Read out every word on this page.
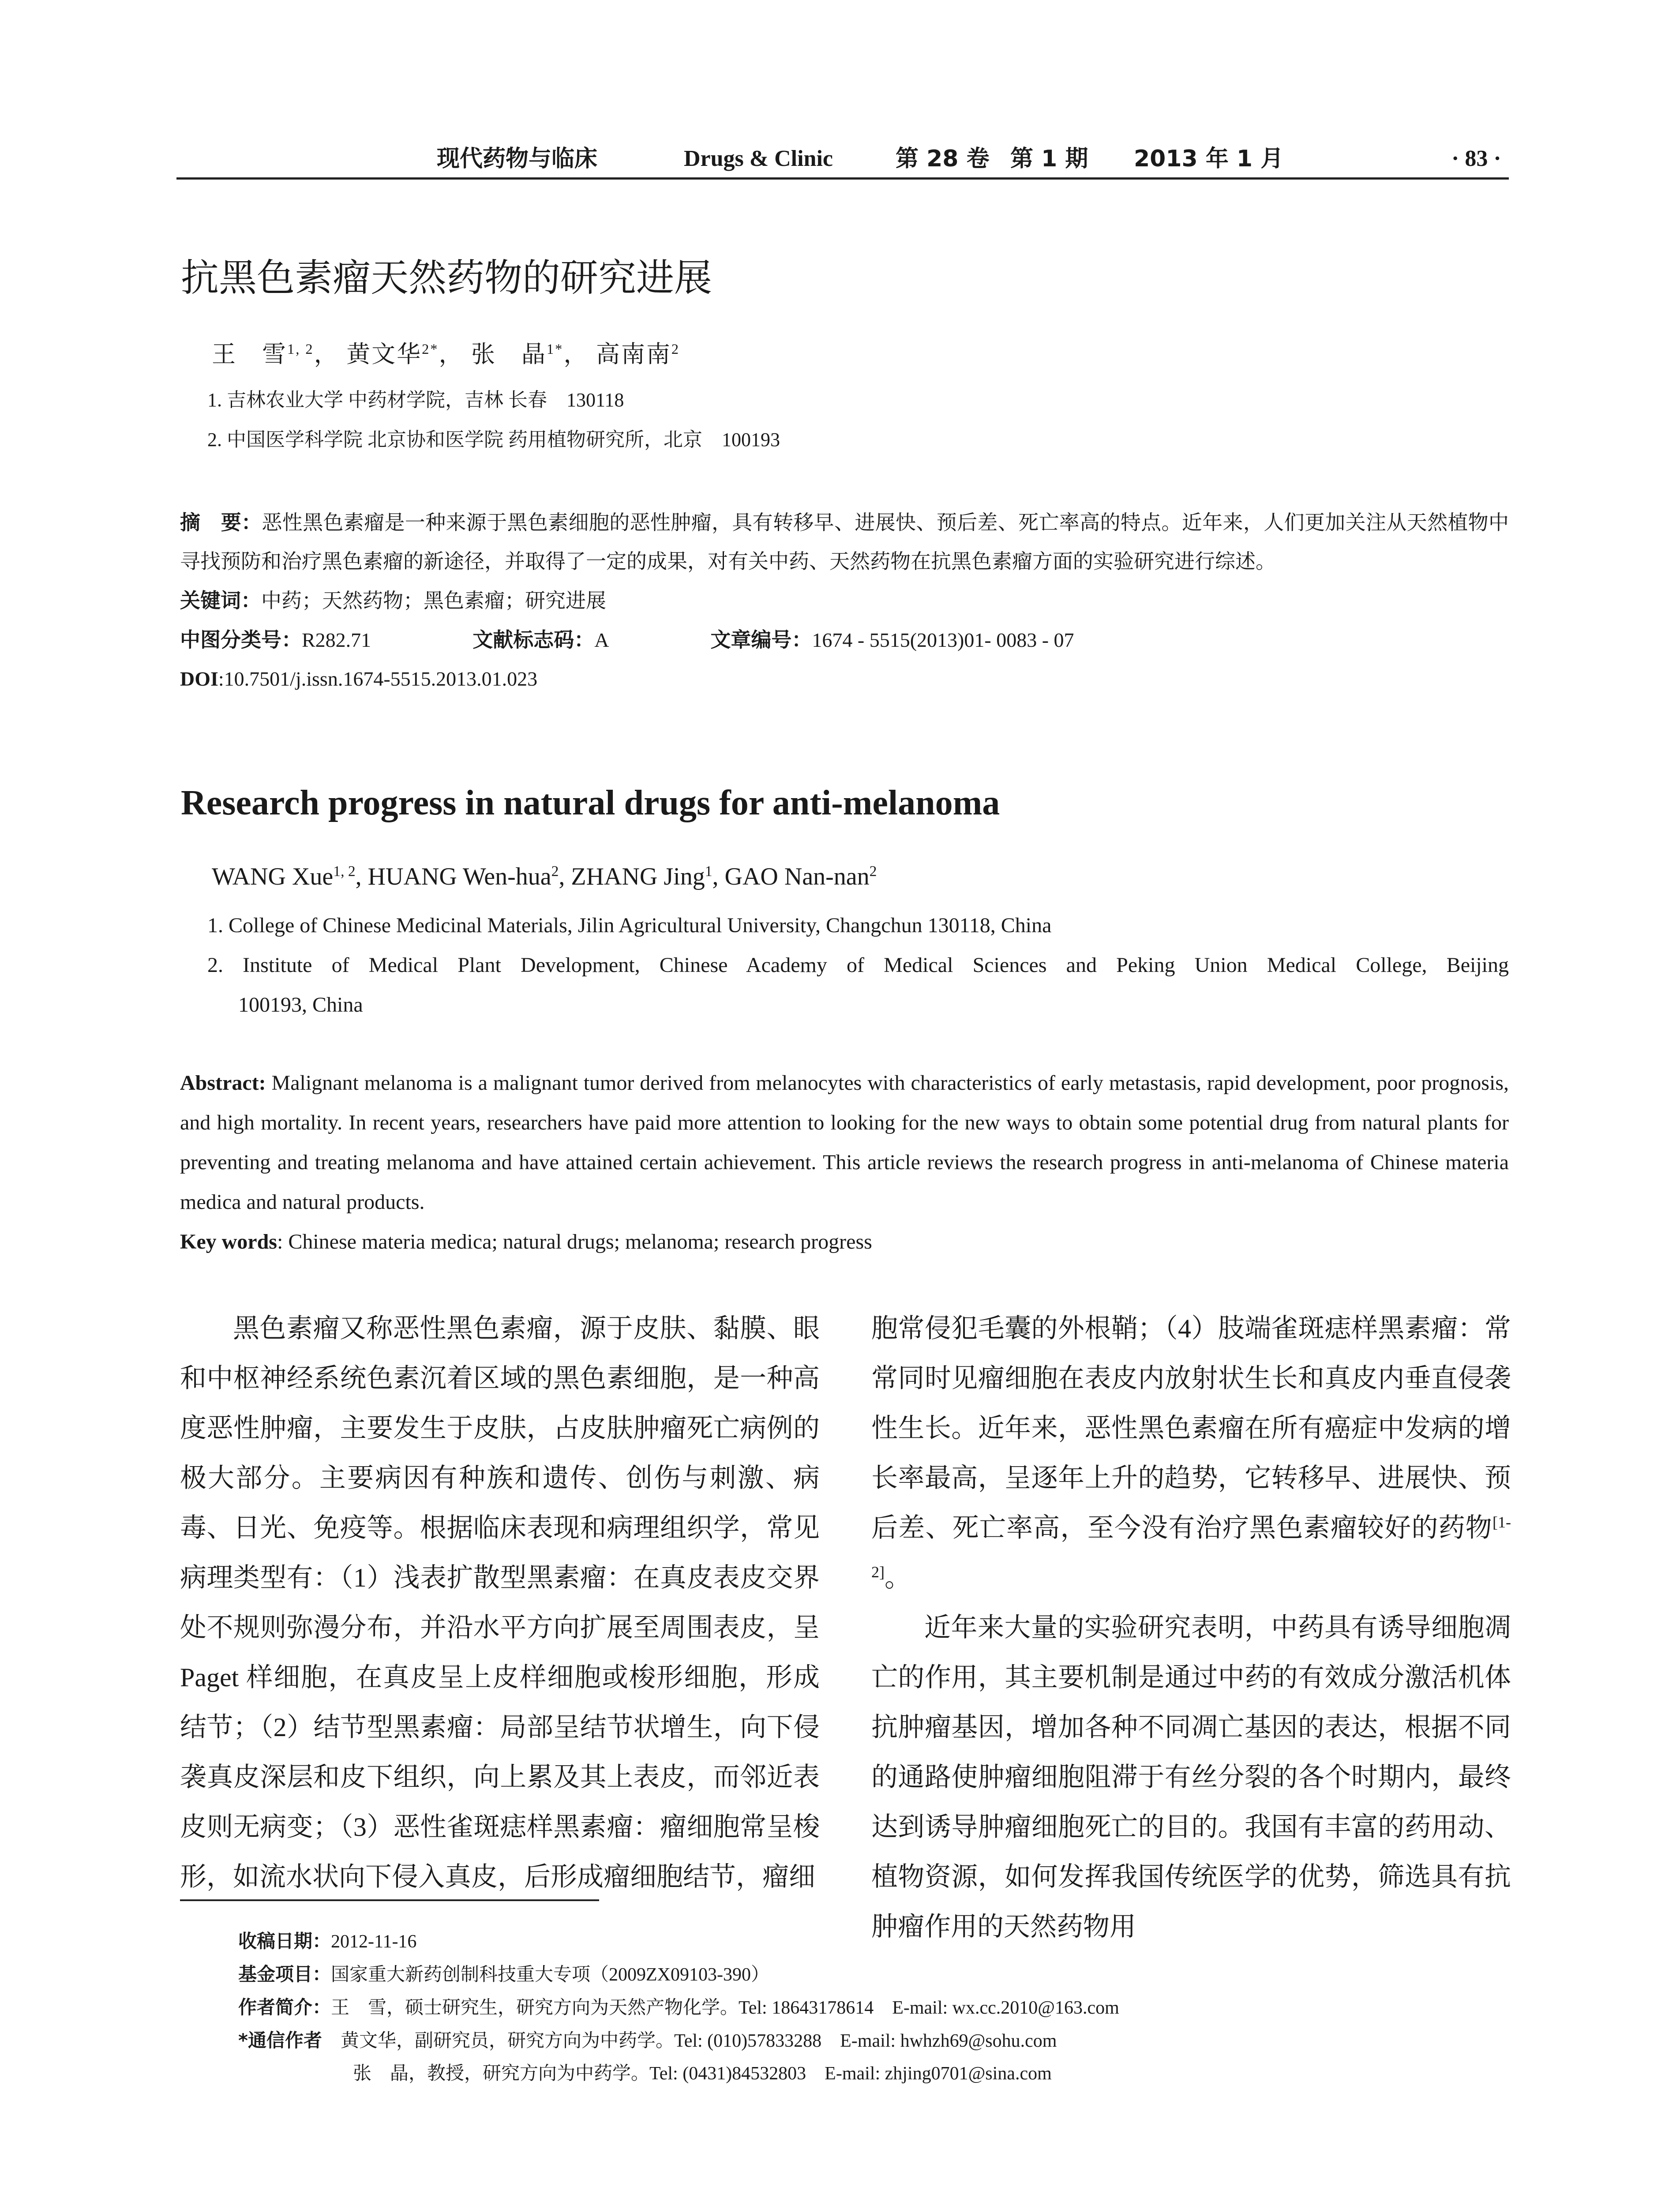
现代药物与临床	Drugs & Clinic	第 28 卷 第 1 期 2013 年 1 月	· 83 ·
抗黑色素瘤天然药物的研究进展
王　雪$^{1, 2}$， 黄文华$^{2*}$， 张　晶$^{1*}$， 高南南$^2$
1. 吉林农业大学 中药材学院，吉林 长春　130118
2. 中国医学科学院 北京协和医学院 药用植物研究所，北京　100193
摘　要：恶性黑色素瘤是一种来源于黑色素细胞的恶性肿瘤，具有转移早、进展快、预后差、死亡率高的特点。近年来，人们更加关注从天然植物中寻找预防和治疗黑色素瘤的新途径，并取得了一定的成果，对有关中药、天然药物在抗黑色素瘤方面的实验研究进行综述。
关键词：中药；天然药物；黑色素瘤；研究进展
中图分类号：R282.71	文献标志码：A	文章编号：1674 - 5515(2013)01- 0083 - 07
DOI:10.7501/j.issn.1674-5515.2013.01.023
Research progress in natural drugs for anti-melanoma
WANG Xue$^{1, 2}$, HUANG Wen-hua$^2$, ZHANG Jing$^1$, GAO Nan-nan$^2$
1. College of Chinese Medicinal Materials, Jilin Agricultural University, Changchun 130118, China
2. Institute of Medical Plant Development, Chinese Academy of Medical Sciences and Peking Union Medical College, Beijing
100193, China
Abstract: Malignant melanoma is a malignant tumor derived from melanocytes with characteristics of early metastasis, rapid development, poor prognosis, and high mortality. In recent years, researchers have paid more attention to looking for the new ways to obtain some potential drug from natural plants for preventing and treating melanoma and have attained certain achievement. This article reviews the research progress in anti-melanoma of Chinese materia medica and natural products.
Key words: Chinese materia medica; natural drugs; melanoma; research progress

黑色素瘤又称恶性黑色素瘤，源于皮肤、黏膜、眼和中枢神经系统色素沉着区域的黑色素细胞，是一种高度恶性肿瘤，主要发生于皮肤，占皮肤肿瘤死亡病例的极大部分。主要病因有种族和遗传、创伤与刺激、病毒、日光、免疫等。根据临床表现和病理组织学，常见病理类型有：（1）浅表扩散型黑素瘤：在真皮表皮交界处不规则弥漫分布，并沿水平方向扩展至周围表皮，呈 Paget 样细胞，在真皮呈上皮样细胞或梭形细胞，形成结节；（2）结节型黑素瘤：局部呈结节状增生，向下侵袭真皮深层和皮下组织，向上累及其上表皮，而邻近表皮则无病变；（3）恶性雀斑痣样黑素瘤：瘤细胞常呈梭形，如流水状向下侵入真皮，后形成瘤细胞结节，瘤细

胞常侵犯毛囊的外根鞘；（4）肢端雀斑痣样黑素瘤：常常同时见瘤细胞在表皮内放射状生长和真皮内垂直侵袭性生长。近年来，恶性黑色素瘤在所有癌症中发病的增长率最高，呈逐年上升的趋势，它转移早、进展快、预后差、死亡率高，至今没有治疗黑色素瘤较好的药物[1-2]。

近年来大量的实验研究表明，中药具有诱导细胞凋亡的作用，其主要机制是通过中药的有效成分激活机体抗肿瘤基因，增加各种不同凋亡基因的表达，根据不同的通路使肿瘤细胞阻滞于有丝分裂的各个时期内，最终达到诱导肿瘤细胞死亡的目的。我国有丰富的药用动、植物资源，如何发挥我国传统医学的优势，筛选具有抗肿瘤作用的天然药物用

收稿日期：2012-11-16
基金项目：国家重大新药创制科技重大专项（2009ZX09103-390）
作者简介：王　雪，硕士研究生，研究方向为天然产物化学。Tel: 18643178614　E-mail: wx.cc.2010@163.com
*通信作者　黄文华，副研究员，研究方向为中药学。Tel: (010)57833288　E-mail: hwhzh69@sohu.com
张　晶，教授，研究方向为中药学。Tel: (0431)84532803　E-mail: zhjing0701@sina.com
